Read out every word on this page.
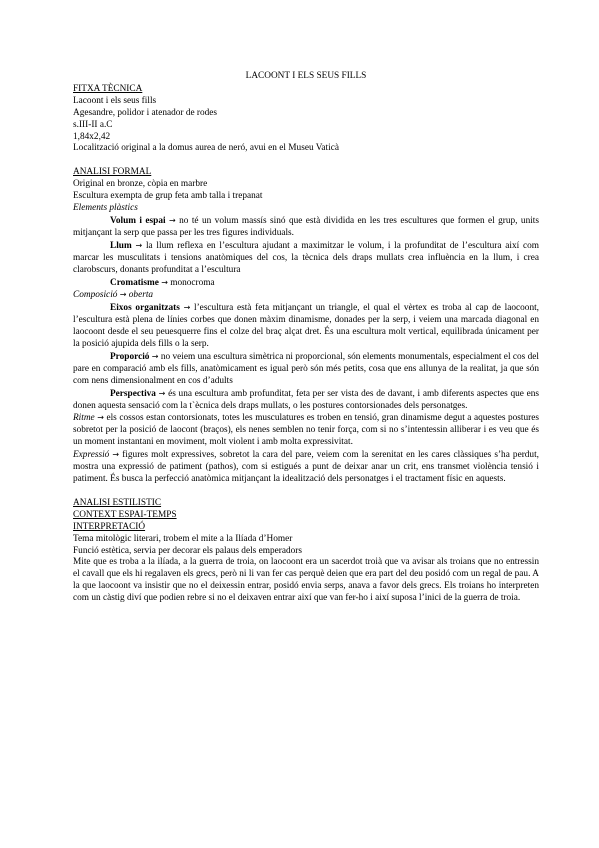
LACOONT I ELS SEUS FILLS

FITXA TÈCNICA

Lacoont i els seus fills

Agesandre, polidor i atenador de rodes

s.III-II a.C

1,84x2,42

Localització original a la domus aurea de neró, avui en el Museu Vaticà

ANALISI FORMAL

Original en bronze, còpia en marbre

Escultura exempta de grup feta amb talla i trepanat

Elements plàstics

Volum i espai → no té un volum massís sinó que està dividida en les tres escultures que formen el grup, units mitjançant la serp que passa per les tres figures individuals.

Llum → la llum reflexa en l’escultura ajudant a maximitzar le volum, i la profunditat de l’escultura així com marcar les musculitats i tensions anatòmiques del cos, la tècnica dels draps mullats crea influència en la llum, i crea clarobscurs, donants profunditat a l’escultura

Cromatisme → monocroma

Composició → oberta

Eixos organitzats → l’escultura està feta mitjançant un triangle, el qual el vèrtex es troba al cap de laocoont, l’escultura està plena de línies corbes que donen màxim dinamisme, donades per la serp, i veiem una marcada diagonal en laocoont desde el seu peuesquerre fins el colze del braç alçat dret. És una escultura molt vertical, equilibrada únicament per la posició ajupida dels fills o la serp.

Proporció → no veiem una escultura simètrica ni proporcional, són elements monumentals, especialment el cos del pare en comparació amb els fills, anatòmicament es igual però són més petits, cosa que ens allunya de la realitat, ja que són com nens dimensionalment en cos d’adults

Perspectiva → és una escultura amb profunditat, feta per ser vista des de davant, i amb diferents aspectes que ens donen aquesta sensació com la t`ècnica dels draps mullats, o les postures contorsionades dels personatges.

Ritme → els cossos estan contorsionats, totes les musculatures es troben en tensió, gran dinamisme degut a aquestes postures sobretot per la posició de laocont (braços), els nenes semblen no tenir força, com si no s’intentessin alliberar i es veu que és un moment instantani en moviment, molt violent i amb molta expressivitat.

Expressió → figures molt expressives, sobretot la cara del pare, veiem com la serenitat en les cares clàssiques s’ha perdut, mostra una expressió de patiment (pathos), com si estigués a punt de deixar anar un crit, ens transmet violència tensió i patiment. És busca la perfecció anatòmica mitjançant la idealització dels personatges i el tractament físic en aquests.

ANALISI ESTILISTIC

CONTEXT ESPAI-TEMPS

INTERPRETACIÓ

Tema mitològic literari, trobem el mite a la Ilíada d’Homer

Funció estètica, servia per decorar els palaus dels emperadors

Mite que es troba a la ilíada, a la guerra de troia, on laocoont era un sacerdot troià que va avisar als troians que no entressin el cavall que els hi regalaven els grecs, però ni li van fer cas perquè deien que era part del deu posidó com un regal de pau. A la que laocoont va insistir que no el deixessin entrar, posidó envia serps, anava a favor dels grecs. Els troians ho interpreten com un càstig diví que podien rebre si no el deixaven entrar així que van fer-ho i així suposa l’inici de la guerra de troia.
